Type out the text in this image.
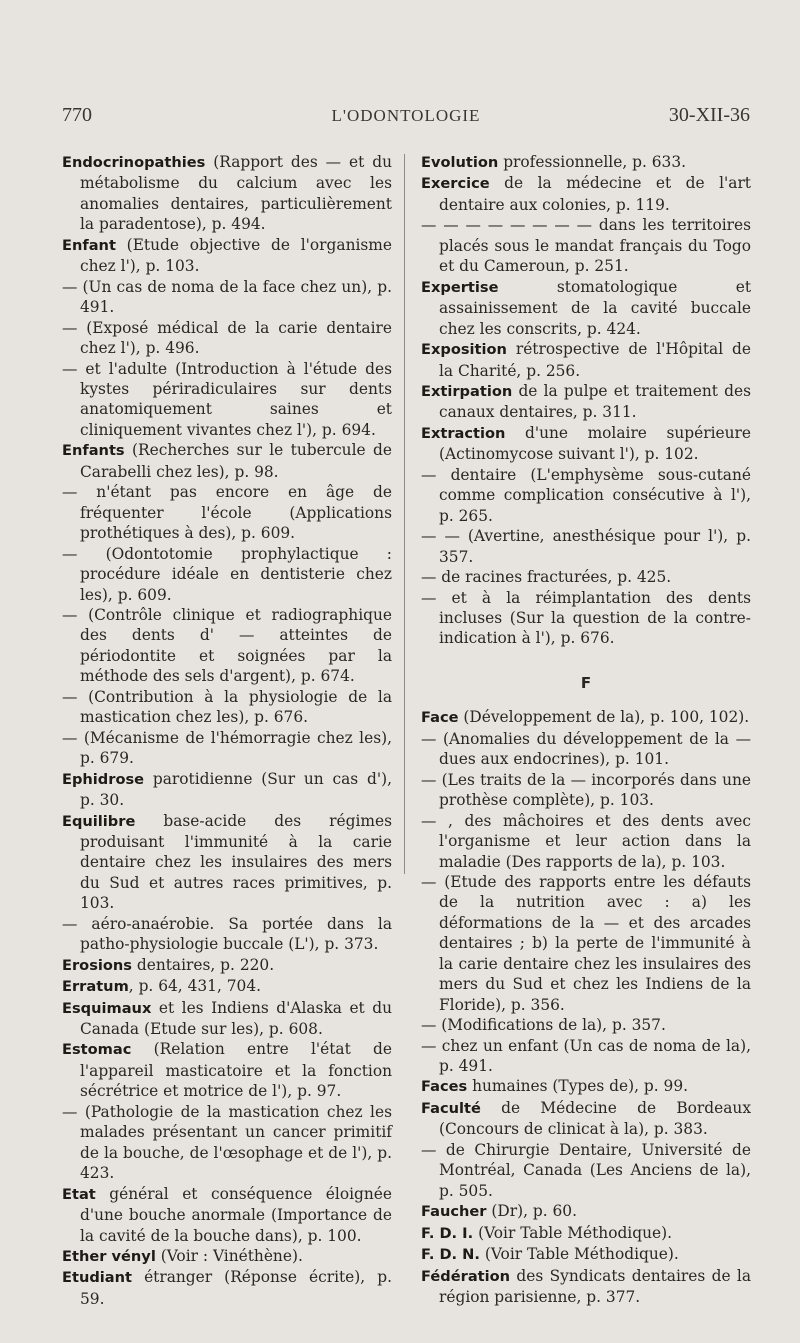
770	L'ODONTOLOGIE	30-XII-36

Endocrinopathies (Rapport des — et du métabolisme du calcium avec les anomalies dentaires, particulièrement la paradentose), p. 494.

Enfant (Etude objective de l'organisme chez l'), p. 103.

— (Un cas de noma de la face chez un), p. 491.

— (Exposé médical de la carie dentaire chez l'), p. 496.

— et l'adulte (Introduction à l'étude des kystes périradiculaires sur dents anatomiquement saines et cliniquement vivantes chez l'), p. 694.

Enfants (Recherches sur le tubercule de Carabelli chez les), p. 98.

— n'étant pas encore en âge de fréquenter l'école (Applications prothétiques à des), p. 609.

— (Odontotomie prophylactique : procédure idéale en dentisterie chez les), p. 609.

— (Contrôle clinique et radiographique des dents d' — atteintes de périodontite et soignées par la méthode des sels d'argent), p. 674.

— (Contribution à la physiologie de la mastication chez les), p. 676.

— (Mécanisme de l'hémorragie chez les), p. 679.

Ephidrose parotidienne (Sur un cas d'), p. 30.

Equilibre base-acide des régimes produisant l'immunité à la carie dentaire chez les insulaires des mers du Sud et autres races primitives, p. 103.

— aéro-anaérobie. Sa portée dans la patho-physiologie buccale (L'), p. 373.

Erosions dentaires, p. 220.

Erratum, p. 64, 431, 704.

Esquimaux et les Indiens d'Alaska et du Canada (Etude sur les), p. 608.

Estomac (Relation entre l'état de l'appareil masticatoire et la fonction sécrétrice et motrice de l'), p. 97.

— (Pathologie de la mastication chez les malades présentant un cancer primitif de la bouche, de l'œsophage et de l'), p. 423.

Etat général et conséquence éloignée d'une bouche anormale (Importance de la cavité de la bouche dans), p. 100.

Ether vényl (Voir : Vinéthène).

Etudiant étranger (Réponse écrite), p. 59.

Evolution professionnelle, p. 633.

Exercice de la médecine et de l'art dentaire aux colonies, p. 119.

— — — — — — — — dans les territoires placés sous le mandat français du Togo et du Cameroun, p. 251.

Expertise stomatologique et assainissement de la cavité buccale chez les conscrits, p. 424.

Exposition rétrospective de l'Hôpital de la Charité, p. 256.

Extirpation de la pulpe et traitement des canaux dentaires, p. 311.

Extraction d'une molaire supérieure (Actinomycose suivant l'), p. 102.

— dentaire (L'emphysème sous-cutané comme complication consécutive à l'), p. 265.

— — (Avertine, anesthésique pour l'), p. 357.

— de racines fracturées, p. 425.

— et à la réimplantation des dents incluses (Sur la question de la contre-indication à l'), p. 676.

F

Face (Développement de la), p. 100, 102).

— (Anomalies du développement de la — dues aux endocrines), p. 101.

— (Les traits de la — incorporés dans une prothèse complète), p. 103.

— , des mâchoires et des dents avec l'organisme et leur action dans la maladie (Des rapports de la), p. 103.

— (Etude des rapports entre les défauts de la nutrition avec : a) les déformations de la — et des arcades dentaires ; b) la perte de l'immunité à la carie dentaire chez les insulaires des mers du Sud et chez les Indiens de la Floride), p. 356.

— (Modifications de la), p. 357.

— chez un enfant (Un cas de noma de la), p. 491.

Faces humaines (Types de), p. 99.

Faculté de Médecine de Bordeaux (Concours de clinicat à la), p. 383.

— de Chirurgie Dentaire, Université de Montréal, Canada (Les Anciens de la), p. 505.

Faucher (Dr), p. 60.

F. D. I. (Voir Table Méthodique).

F. D. N. (Voir Table Méthodique).

Fédération des Syndicats dentaires de la région parisienne, p. 377.
